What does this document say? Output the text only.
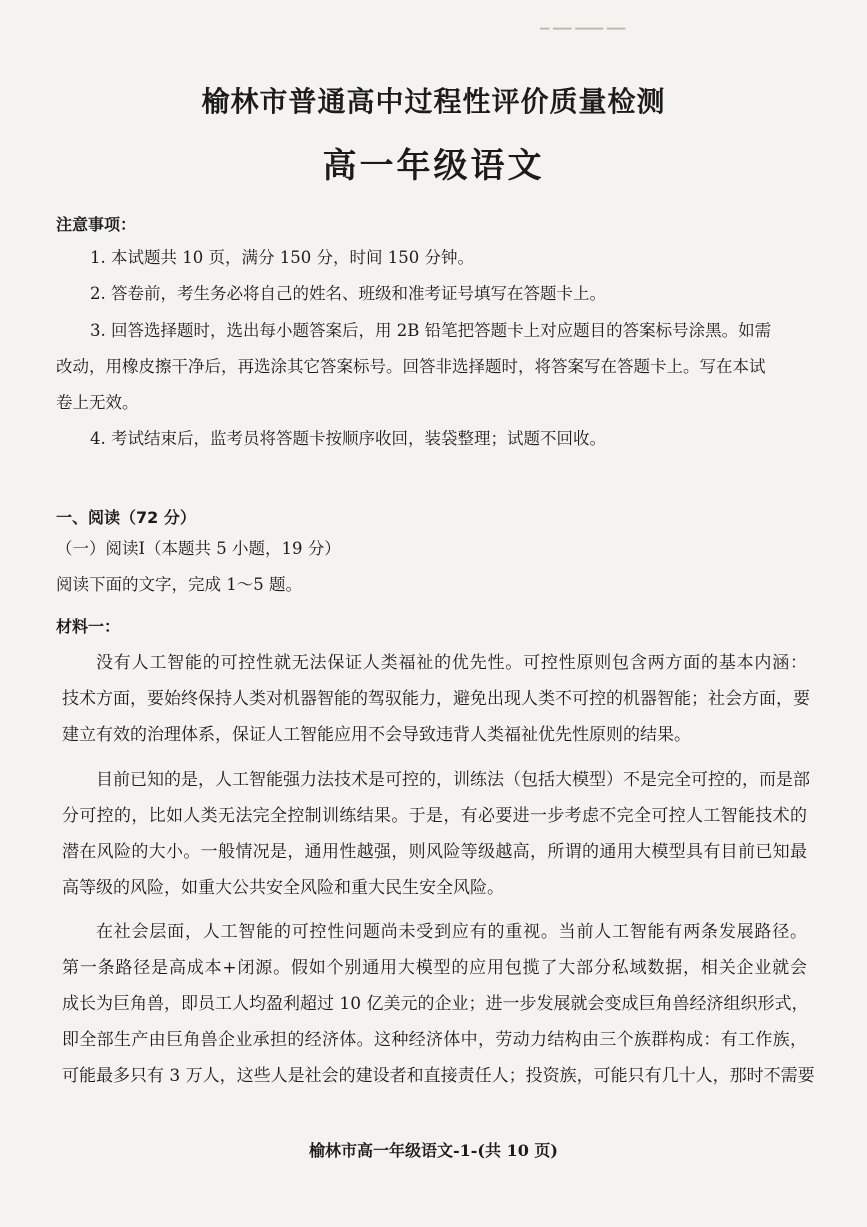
▔ ▔▔ ▔▔▔ ▔▔
榆林市普通高中过程性评价质量检测
高一年级语文
注意事项：
1. 本试题共 10 页，满分 150 分，时间 150 分钟。
2. 答卷前，考生务必将自己的姓名、班级和准考证号填写在答题卡上。
3. 回答选择题时，选出每小题答案后，用 2B 铅笔把答题卡上对应题目的答案标号涂黑。如需
改动，用橡皮擦干净后，再选涂其它答案标号。回答非选择题时，将答案写在答题卡上。写在本试
卷上无效。
4. 考试结束后，监考员将答题卡按顺序收回，装袋整理；试题不回收。
一、阅读（72 分）
（一）阅读Ⅰ（本题共 5 小题，19 分）
阅读下面的文字，完成 1～5 题。
材料一：
没有人工智能的可控性就无法保证人类福祉的优先性。可控性原则包含两方面的基本内涵：
技术方面，要始终保持人类对机器智能的驾驭能力，避免出现人类不可控的机器智能；社会方面，要
建立有效的治理体系，保证人工智能应用不会导致违背人类福祉优先性原则的结果。
目前已知的是，人工智能强力法技术是可控的，训练法（包括大模型）不是完全可控的，而是部
分可控的，比如人类无法完全控制训练结果。于是，有必要进一步考虑不完全可控人工智能技术的
潜在风险的大小。一般情况是，通用性越强，则风险等级越高，所谓的通用大模型具有目前已知最
高等级的风险，如重大公共安全风险和重大民生安全风险。
在社会层面，人工智能的可控性问题尚未受到应有的重视。当前人工智能有两条发展路径。
第一条路径是高成本+闭源。假如个别通用大模型的应用包揽了大部分私域数据，相关企业就会
成长为巨角兽，即员工人均盈利超过 10 亿美元的企业；进一步发展就会变成巨角兽经济组织形式，
即全部生产由巨角兽企业承担的经济体。这种经济体中，劳动力结构由三个族群构成：有工作族，
可能最多只有 3 万人，这些人是社会的建设者和直接责任人；投资族，可能只有几十人，那时不需要
榆林市高一年级语文-1-(共 10 页)
